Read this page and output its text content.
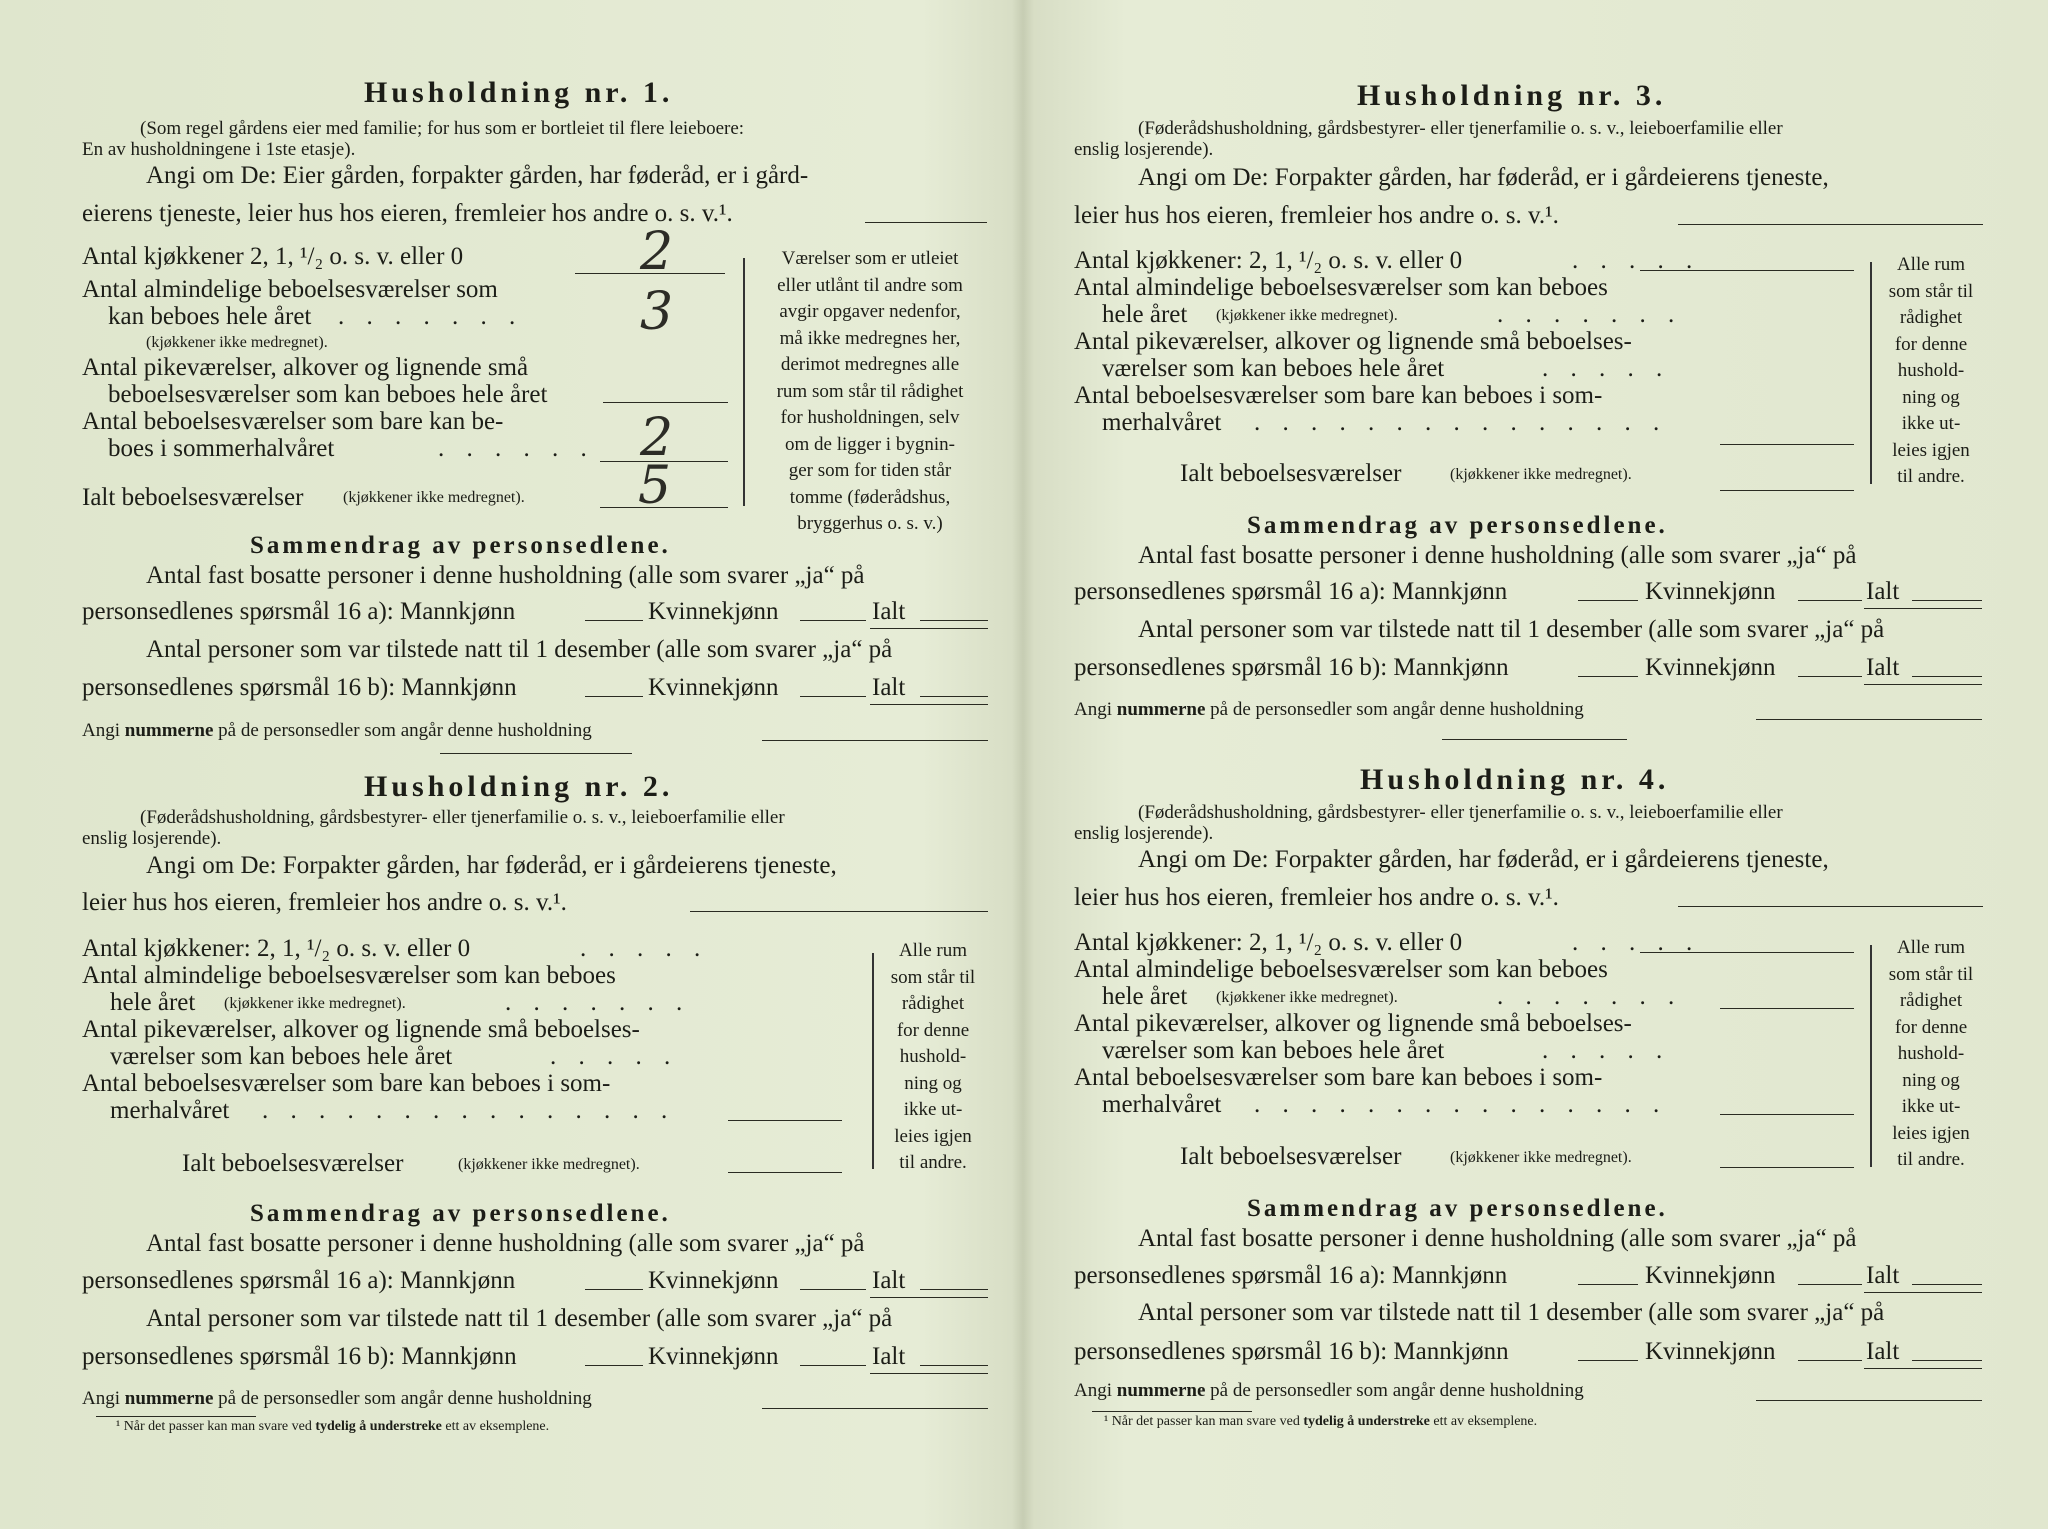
Husholdning nr. 1.
(Som regel gårdens eier med familie; for hus som er bortleiet til flere leieboere:
En av husholdningene i 1ste etasje).
Angi om De: Eier gården, forpakter gården, har føderåd, er i gård-
eierens tjeneste, leier hus hos eieren, fremleier hos andre o. s. v.¹.
Antal kjøkkener 2, 1, ¹/₂ o. s. v. eller 0	2
Antal almindelige beboelsesværelser som
kan beboes hele året . . . . . . . 3
(kjøkkener ikke medregnet).
Antal pikeværelser, alkover og lignende små
beboelsesværelser som kan beboes hele året
Antal beboelsesværelser som bare kan be-
boes i sommerhalvåret	. . . . . . 2
Ialt beboelsesværelser (kjøkkener ikke medregnet). 5
Værelser som er utleiet
eller utlånt til andre som
avgir opgaver nedenfor,
må ikke medregnes her,
derimot medregnes alle
rum som står til rådighet
for husholdningen, selv
om de ligger i bygnin-
ger som for tiden står
tomme (føderådshus,
bryggerhus o. s. v.)
Sammendrag av personsedlene.
Antal fast bosatte personer i denne husholdning (alle som svarer „ja“ på
personsedlenes spørsmål 16 a): Mannkjønn	Kvinnekjønn	Ialt
Antal personer som var tilstede natt til 1 desember (alle som svarer „ja“ på
personsedlenes spørsmål 16 b): Mannkjønn	Kvinnekjønn	Ialt
Angi nummerne på de personsedler som angår denne husholdning
Husholdning nr. 2.
(Føderådshusholdning, gårdsbestyrer- eller tjenerfamilie o. s. v., leieboerfamilie eller
enslig losjerende).
Angi om De: Forpakter gården, har føderåd, er i gårdeierens tjeneste,
leier hus hos eieren, fremleier hos andre o. s. v.¹.
Antal kjøkkener: 2, 1, ¹/₂ o. s. v. eller 0	. . . . .
Antal almindelige beboelsesværelser som kan beboes
hele året (kjøkkener ikke medregnet).	. . . . . . .
Antal pikeværelser, alkover og lignende små beboelses-
værelser som kan beboes hele året	. . . . .
Antal beboelsesværelser som bare kan beboes i som-
merhalvåret . . . . . . . . . . . . . . .
Ialt beboelsesværelser	(kjøkkener ikke medregnet).
Alle rum
som står til
rådighet
for denne
hushold-
ning og
ikke ut-
leies igjen
til andre.
Sammendrag av personsedlene.
Antal fast bosatte personer i denne husholdning (alle som svarer „ja“ på
personsedlenes spørsmål 16 a): Mannkjønn	Kvinnekjønn	Ialt
Antal personer som var tilstede natt til 1 desember (alle som svarer „ja“ på
personsedlenes spørsmål 16 b): Mannkjønn	Kvinnekjønn	Ialt
Angi nummerne på de personsedler som angår denne husholdning
¹ Når det passer kan man svare ved tydelig å understreke ett av eksemplene.
Husholdning nr. 3.
(Føderådshusholdning, gårdsbestyrer- eller tjenerfamilie o. s. v., leieboerfamilie eller
enslig losjerende).
Angi om De: Forpakter gården, har føderåd, er i gårdeierens tjeneste,
leier hus hos eieren, fremleier hos andre o. s. v.¹.
Antal kjøkkener: 2, 1, ¹/₂ o. s. v. eller 0	. . . . .
Antal almindelige beboelsesværelser som kan beboes
hele året (kjøkkener ikke medregnet).	. . . . . . .
Antal pikeværelser, alkover og lignende små beboelses-
værelser som kan beboes hele året	. . . . .
Antal beboelsesværelser som bare kan beboes i som-
merhalvåret . . . . . . . . . . . . . . .
Ialt beboelsesværelser	(kjøkkener ikke medregnet).
Alle rum
som står til
rådighet
for denne
hushold-
ning og
ikke ut-
leies igjen
til andre.
Sammendrag av personsedlene.
Antal fast bosatte personer i denne husholdning (alle som svarer „ja“ på
personsedlenes spørsmål 16 a): Mannkjønn	Kvinnekjønn	Ialt
Antal personer som var tilstede natt til 1 desember (alle som svarer „ja“ på
personsedlenes spørsmål 16 b): Mannkjønn	Kvinnekjønn	Ialt
Angi nummerne på de personsedler som angår denne husholdning
Husholdning nr. 4.
(Føderådshusholdning, gårdsbestyrer- eller tjenerfamilie o. s. v., leieboerfamilie eller
enslig losjerende).
Angi om De: Forpakter gården, har føderåd, er i gårdeierens tjeneste,
leier hus hos eieren, fremleier hos andre o. s. v.¹.
Antal kjøkkener: 2, 1, ¹/₂ o. s. v. eller 0	. . . . .
Antal almindelige beboelsesværelser som kan beboes
hele året (kjøkkener ikke medregnet).	. . . . . . .
Antal pikeværelser, alkover og lignende små beboelses-
værelser som kan beboes hele året	. . . . .
Antal beboelsesværelser som bare kan beboes i som-
merhalvåret . . . . . . . . . . . . . . .
Ialt beboelsesværelser	(kjøkkener ikke medregnet).
Alle rum
som står til
rådighet
for denne
hushold-
ning og
ikke ut-
leies igjen
til andre.
Sammendrag av personsedlene.
Antal fast bosatte personer i denne husholdning (alle som svarer „ja“ på
personsedlenes spørsmål 16 a): Mannkjønn	Kvinnekjønn	Ialt
Antal personer som var tilstede natt til 1 desember (alle som svarer „ja“ på
personsedlenes spørsmål 16 b): Mannkjønn	Kvinnekjønn	Ialt
Angi nummerne på de personsedler som angår denne husholdning
¹ Når det passer kan man svare ved tydelig å understreke ett av eksemplene.
